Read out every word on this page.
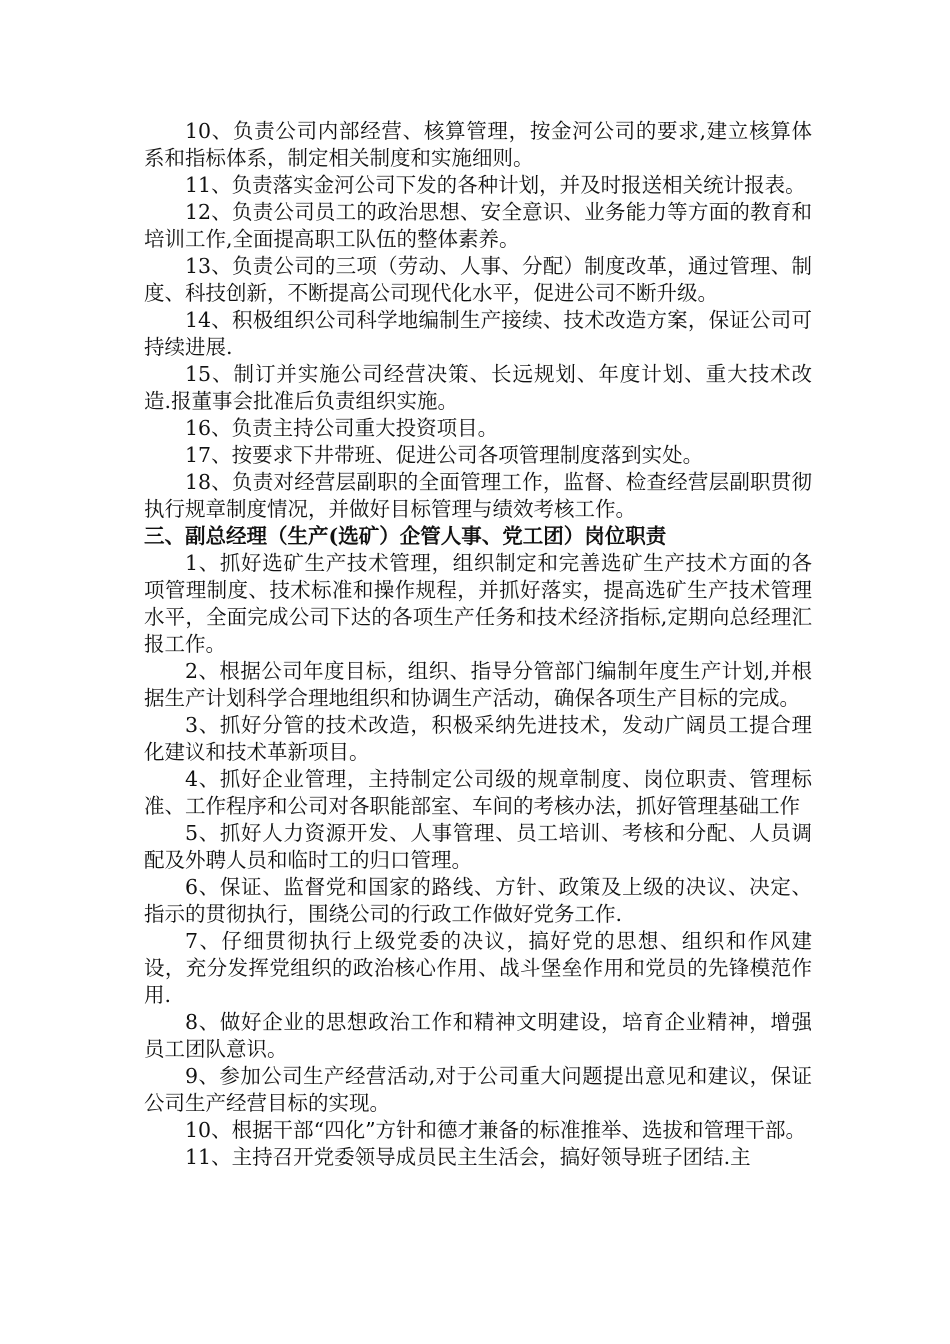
10、负责公司内部经营、核算管理，按金河公司的要求,建立核算体系和指标体系，制定相关制度和实施细则。

11、负责落实金河公司下发的各种计划，并及时报送相关统计报表。

12、负责公司员工的政治思想、安全意识、业务能力等方面的教育和培训工作,全面提高职工队伍的整体素养。

13、负责公司的三项（劳动、人事、分配）制度改革，通过管理、制度、科技创新，不断提高公司现代化水平，促进公司不断升级。

14、积极组织公司科学地编制生产接续、技术改造方案，保证公司可持续进展.

15、制订并实施公司经营决策、长远规划、年度计划、重大技术改造.报董事会批准后负责组织实施。

16、负责主持公司重大投资项目。

17、按要求下井带班、促进公司各项管理制度落到实处。

18、负责对经营层副职的全面管理工作，监督、检查经营层副职贯彻执行规章制度情况，并做好目标管理与绩效考核工作。

三、副总经理（生产(选矿）企管人事、党工团）岗位职责

1、抓好选矿生产技术管理，组织制定和完善选矿生产技术方面的各项管理制度、技术标准和操作规程，并抓好落实，提高选矿生产技术管理水平，全面完成公司下达的各项生产任务和技术经济指标,定期向总经理汇报工作。

2、根据公司年度目标，组织、指导分管部门编制年度生产计划,并根据生产计划科学合理地组织和协调生产活动，确保各项生产目标的完成。

3、抓好分管的技术改造，积极采纳先进技术，发动广阔员工提合理化建议和技术革新项目。

4、抓好企业管理，主持制定公司级的规章制度、岗位职责、管理标准、工作程序和公司对各职能部室、车间的考核办法，抓好管理基础工作

5、抓好人力资源开发、人事管理、员工培训、考核和分配、人员调配及外聘人员和临时工的归口管理。

6、保证、监督党和国家的路线、方针、政策及上级的决议、决定、指示的贯彻执行，围绕公司的行政工作做好党务工作.

7、仔细贯彻执行上级党委的决议，搞好党的思想、组织和作风建设，充分发挥党组织的政治核心作用、战斗堡垒作用和党员的先锋模范作用.

8、做好企业的思想政治工作和精神文明建设，培育企业精神，增强员工团队意识。

9、参加公司生产经营活动,对于公司重大问题提出意见和建议，保证公司生产经营目标的实现。

10、根据干部“四化”方针和德才兼备的标准推举、选拔和管理干部。

11、主持召开党委领导成员民主生活会，搞好领导班子团结.主
